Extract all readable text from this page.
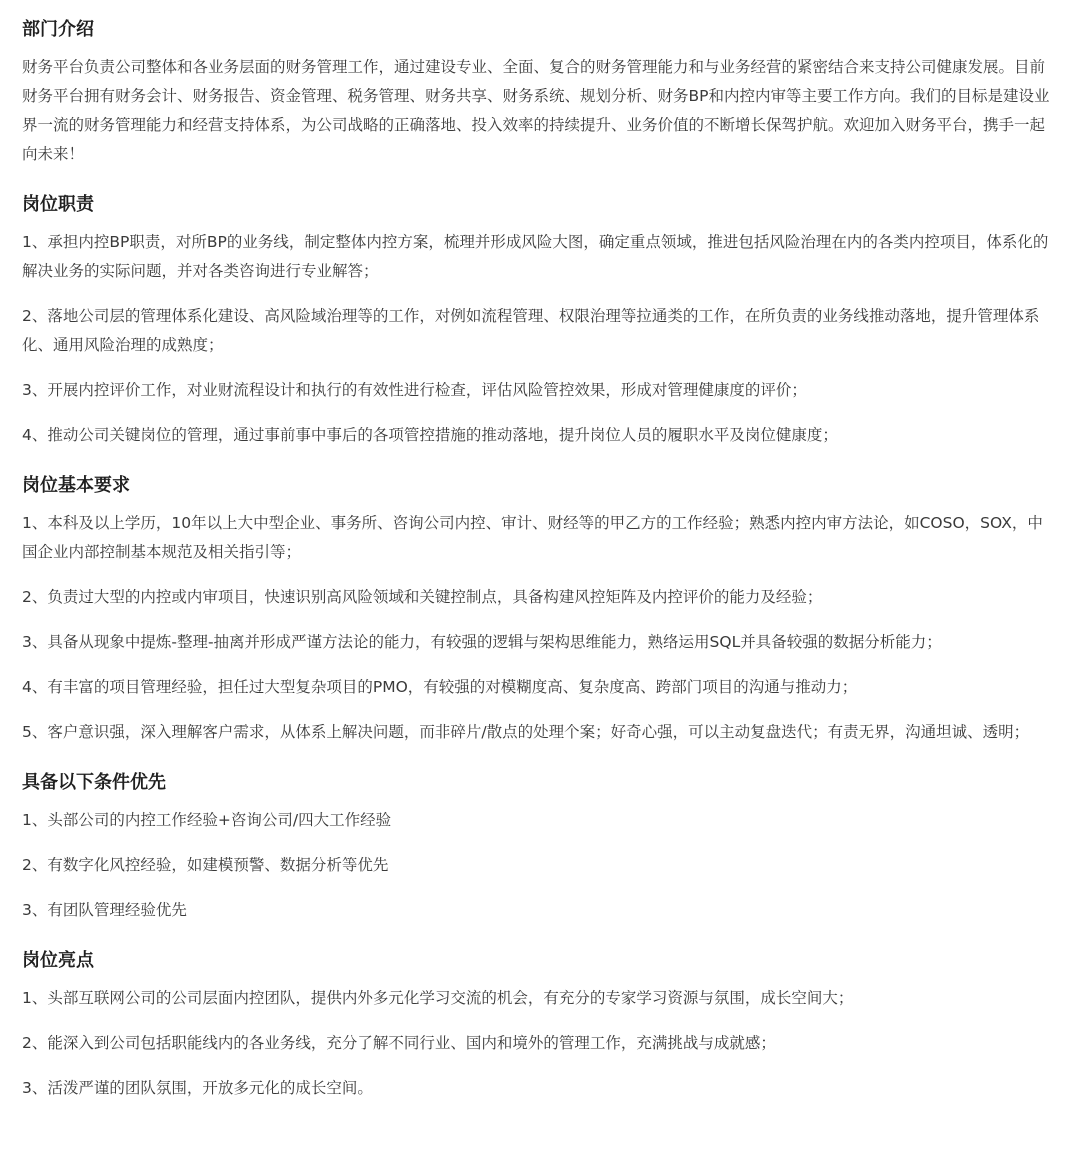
部门介绍

财务平台负责公司整体和各业务层面的财务管理工作，通过建设专业、全面、复合的财务管理能力和与业务经营的紧密结合来支持公司健康发展。目前财务平台拥有财务会计、财务报告、资金管理、税务管理、财务共享、财务系统、规划分析、财务BP和内控内审等主要工作方向。我们的目标是建设业界一流的财务管理能力和经营支持体系，为公司战略的正确落地、投入效率的持续提升、业务价值的不断增长保驾护航。欢迎加入财务平台，携手一起向未来！

岗位职责

1、承担内控BP职责，对所BP的业务线，制定整体内控方案，梳理并形成风险大图，确定重点领域，推进包括风险治理在内的各类内控项目，体系化的解决业务的实际问题，并对各类咨询进行专业解答；

2、落地公司层的管理体系化建设、高风险域治理等的工作，对例如流程管理、权限治理等拉通类的工作，在所负责的业务线推动落地，提升管理体系化、通用风险治理的成熟度；

3、开展内控评价工作，对业财流程设计和执行的有效性进行检查，评估风险管控效果，形成对管理健康度的评价；

4、推动公司关键岗位的管理，通过事前事中事后的各项管控措施的推动落地，提升岗位人员的履职水平及岗位健康度；

岗位基本要求

1、本科及以上学历，10年以上大中型企业、事务所、咨询公司内控、审计、财经等的甲乙方的工作经验；熟悉内控内审方法论，如COSO，SOX，中国企业内部控制基本规范及相关指引等；

2、负责过大型的内控或内审项目，快速识别高风险领域和关键控制点，具备构建风控矩阵及内控评价的能力及经验；

3、具备从现象中提炼-整理-抽离并形成严谨方法论的能力，有较强的逻辑与架构思维能力，熟络运用SQL并具备较强的数据分析能力；

4、有丰富的项目管理经验，担任过大型复杂项目的PMO，有较强的对模糊度高、复杂度高、跨部门项目的沟通与推动力；

5、客户意识强，深入理解客户需求，从体系上解决问题，而非碎片/散点的处理个案；好奇心强，可以主动复盘迭代；有责无界，沟通坦诚、透明；

具备以下条件优先

1、头部公司的内控工作经验+咨询公司/四大工作经验

2、有数字化风控经验，如建模预警、数据分析等优先

3、有团队管理经验优先

岗位亮点

1、头部互联网公司的公司层面内控团队，提供内外多元化学习交流的机会，有充分的专家学习资源与氛围，成长空间大；

2、能深入到公司包括职能线内的各业务线，充分了解不同行业、国内和境外的管理工作，充满挑战与成就感；

3、活泼严谨的团队氛围，开放多元化的成长空间。
